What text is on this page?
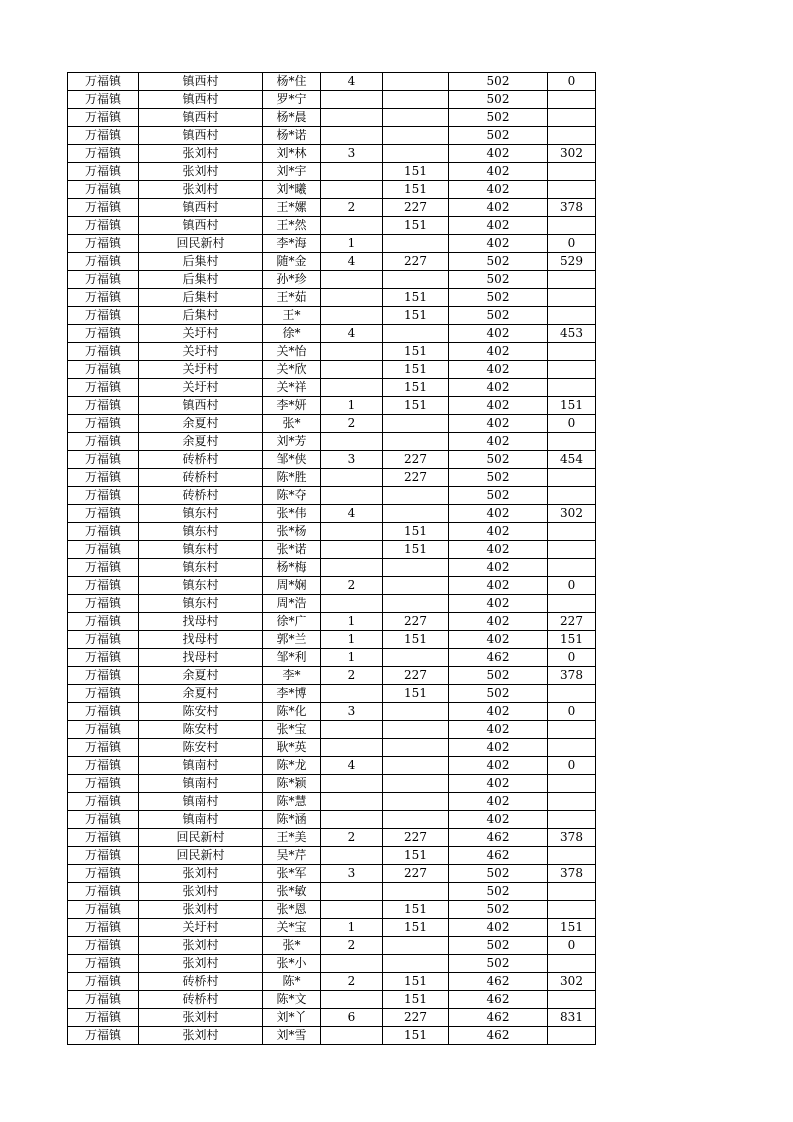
万福镇	镇西村	杨*住	4		502	0
万福镇	镇西村	罗*宁			502	
万福镇	镇西村	杨*晨			502	
万福镇	镇西村	杨*诺			502	
万福镇	张刘村	刘*林	3		402	302
万福镇	张刘村	刘*宇		151	402	
万福镇	张刘村	刘*曦		151	402	
万福镇	镇西村	王*嫘	2	227	402	378
万福镇	镇西村	王*然		151	402	
万福镇	回民新村	李*海	1		402	0
万福镇	后集村	随*金	4	227	502	529
万福镇	后集村	孙*珍			502	
万福镇	后集村	王*茹		151	502	
万福镇	后集村	王*		151	502	
万福镇	关圩村	徐*	4		402	453
万福镇	关圩村	关*怡		151	402	
万福镇	关圩村	关*欣		151	402	
万福镇	关圩村	关*祥		151	402	
万福镇	镇西村	李*妍	1	151	402	151
万福镇	余夏村	张*	2		402	0
万福镇	余夏村	刘*芳			402	
万福镇	砖桥村	邹*侠	3	227	502	454
万福镇	砖桥村	陈*胜		227	502	
万福镇	砖桥村	陈*夺			502	
万福镇	镇东村	张*伟	4		402	302
万福镇	镇东村	张*杨		151	402	
万福镇	镇东村	张*诺		151	402	
万福镇	镇东村	杨*梅			402	
万福镇	镇东村	周*娴	2		402	0
万福镇	镇东村	周*浩			402	
万福镇	找母村	徐*广	1	227	402	227
万福镇	找母村	郭*兰	1	151	402	151
万福镇	找母村	邹*利	1		462	0
万福镇	余夏村	李*	2	227	502	378
万福镇	余夏村	李*博		151	502	
万福镇	陈安村	陈*化	3		402	0
万福镇	陈安村	张*宝			402	
万福镇	陈安村	耿*英			402	
万福镇	镇南村	陈*龙	4		402	0
万福镇	镇南村	陈*颖			402	
万福镇	镇南村	陈*慧			402	
万福镇	镇南村	陈*涵			402	
万福镇	回民新村	王*美	2	227	462	378
万福镇	回民新村	吴*芹		151	462	
万福镇	张刘村	张*军	3	227	502	378
万福镇	张刘村	张*敏			502	
万福镇	张刘村	张*恩		151	502	
万福镇	关圩村	关*宝	1	151	402	151
万福镇	张刘村	张*	2		502	0
万福镇	张刘村	张*小			502	
万福镇	砖桥村	陈*	2	151	462	302
万福镇	砖桥村	陈*文		151	462	
万福镇	张刘村	刘*丫	6	227	462	831
万福镇	张刘村	刘*雪		151	462	
